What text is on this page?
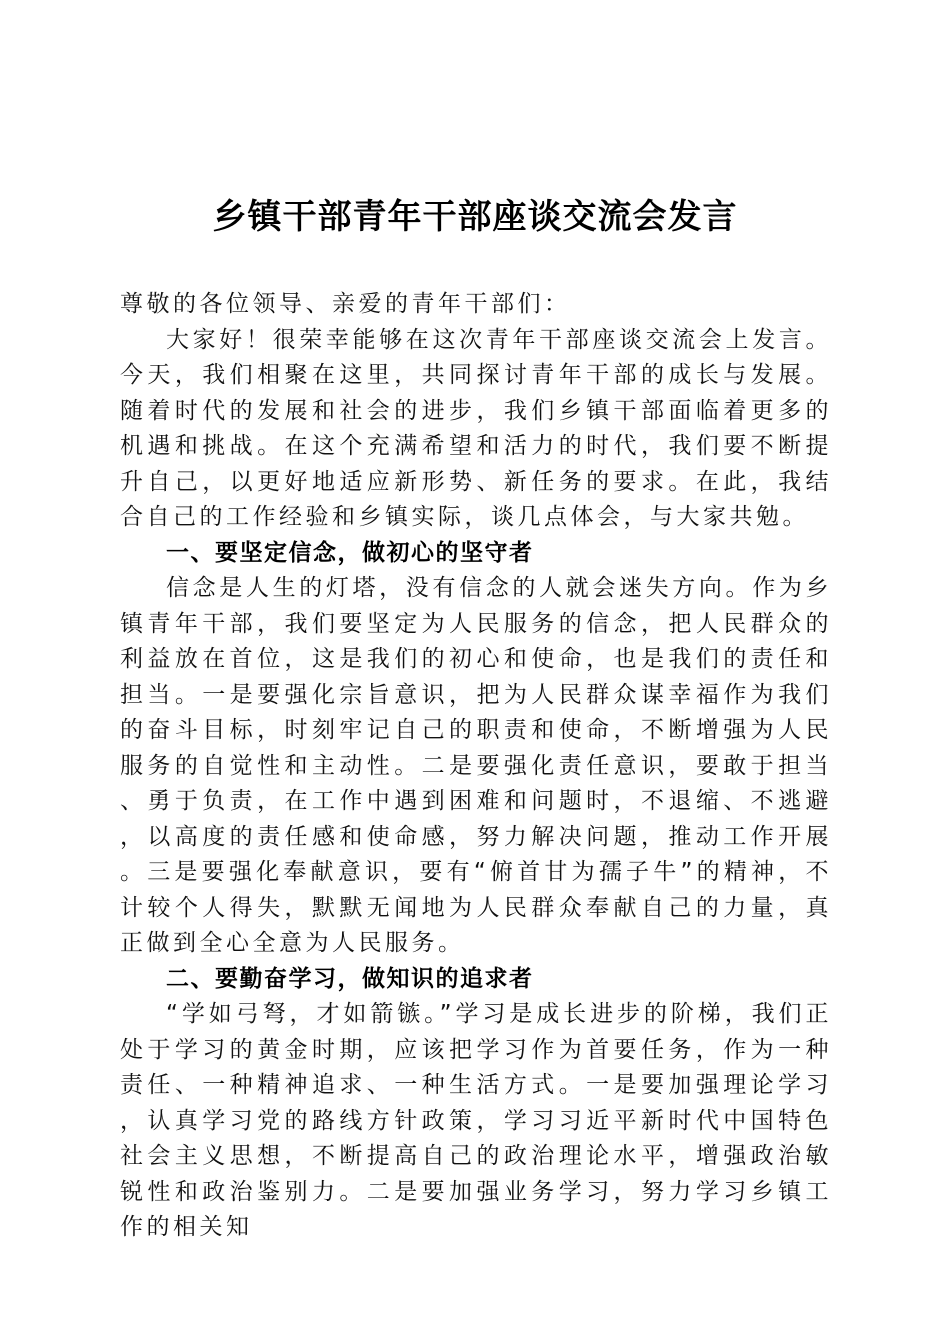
乡镇干部青年干部座谈交流会发言

尊敬的各位领导、亲爱的青年干部们：

大家好！很荣幸能够在这次青年干部座谈交流会上发言。今天，我们相聚在这里，共同探讨青年干部的成长与发展。随着时代的发展和社会的进步，我们乡镇干部面临着更多的机遇和挑战。在这个充满希望和活力的时代，我们要不断提升自己，以更好地适应新形势、新任务的要求。在此，我结合自己的工作经验和乡镇实际，谈几点体会，与大家共勉。

一、要坚定信念，做初心的坚守者

信念是人生的灯塔，没有信念的人就会迷失方向。作为乡镇青年干部，我们要坚定为人民服务的信念，把人民群众的利益放在首位，这是我们的初心和使命，也是我们的责任和担当。一是要强化宗旨意识，把为人民群众谋幸福作为我们的奋斗目标，时刻牢记自己的职责和使命，不断增强为人民服务的自觉性和主动性。二是要强化责任意识，要敢于担当、勇于负责，在工作中遇到困难和问题时，不退缩、不逃避，以高度的责任感和使命感，努力解决问题，推动工作开展。三是要强化奉献意识，要有“俯首甘为孺子牛”的精神，不计较个人得失，默默无闻地为人民群众奉献自己的力量，真正做到全心全意为人民服务。

二、要勤奋学习，做知识的追求者

“学如弓弩，才如箭镞。”学习是成长进步的阶梯，我们正处于学习的黄金时期，应该把学习作为首要任务，作为一种责任、一种精神追求、一种生活方式。一是要加强理论学习，认真学习党的路线方针政策，学习习近平新时代中国特色社会主义思想，不断提高自己的政治理论水平，增强政治敏锐性和政治鉴别力。二是要加强业务学习，努力学习乡镇工作的相关知
